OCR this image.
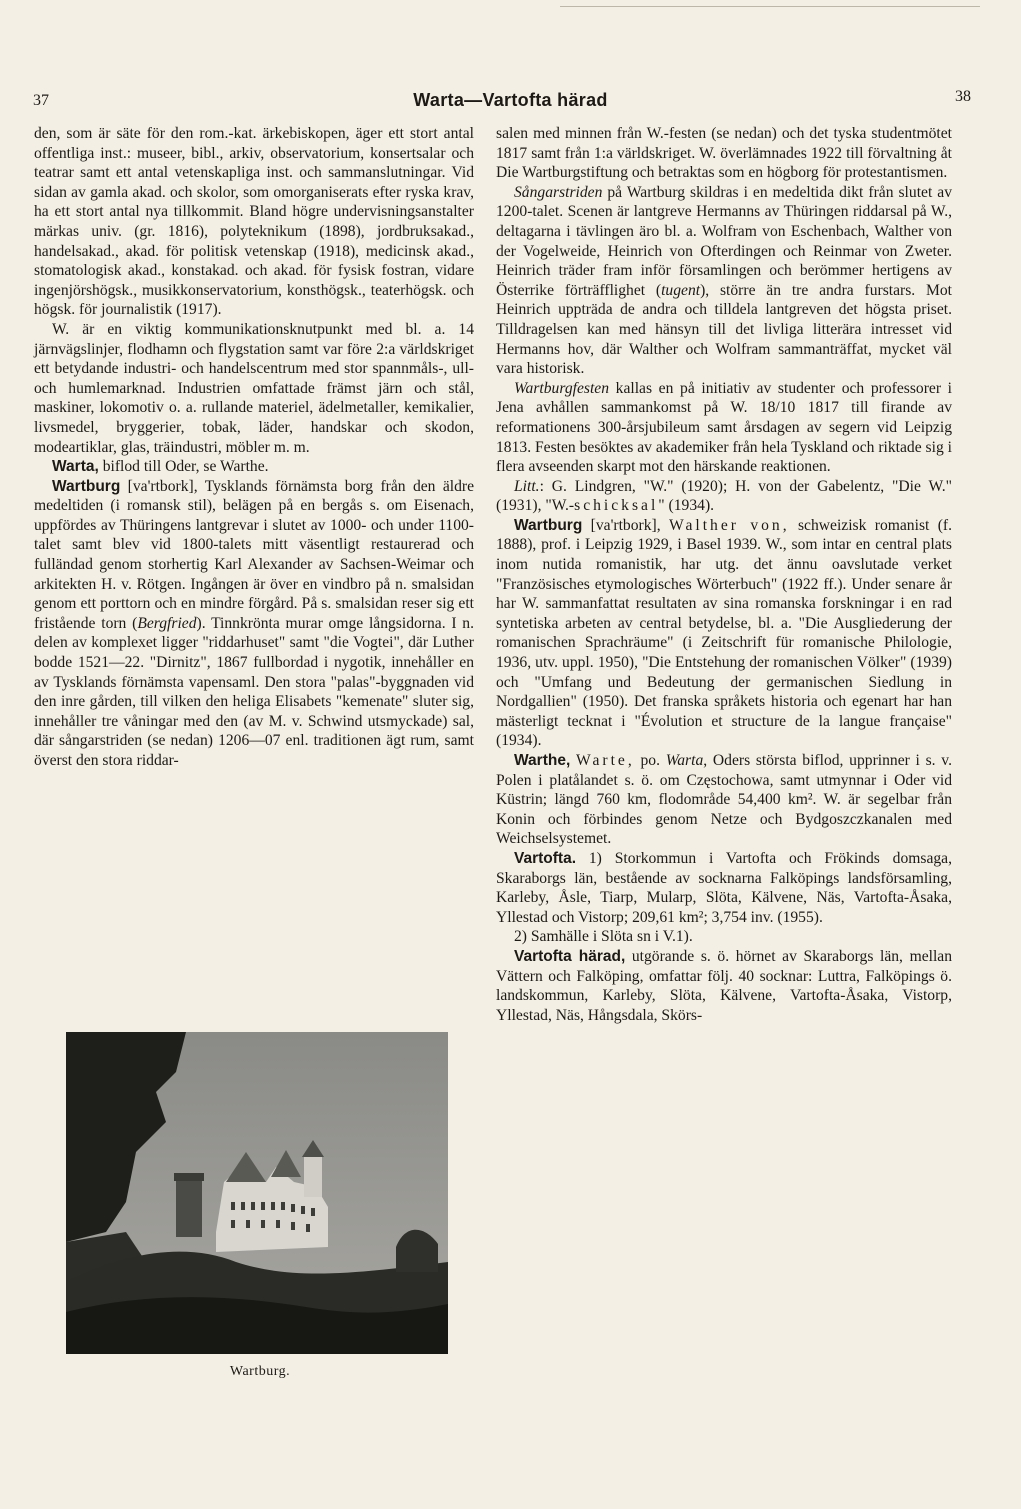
37	Warta—Vartofta härad	38

den, som är säte för den rom.-kat. ärkebiskopen, äger ett stort antal offentliga inst.: museer, bibl., arkiv, observatorium, konsertsalar och teatrar samt ett antal vetenskapliga inst. och sammanslutningar. Vid sidan av gamla akad. och skolor, som omorganiserats efter ryska krav, ha ett stort antal nya tillkommit. Bland högre undervisningsanstalter märkas univ. (gr. 1816), polyteknikum (1898), jordbruksakad., handelsakad., akad. för politisk vetenskap (1918), medicinsk akad., stomatologisk akad., konstakad. och akad. för fysisk fostran, vidare ingenjörshögsk., musikkonservatorium, konsthögsk., teaterhögsk. och högsk. för journalistik (1917).

W. är en viktig kommunikationsknutpunkt med bl. a. 14 järnvägslinjer, flodhamn och flygstation samt var före 2:a världskriget ett betydande industri- och handelscentrum med stor spannmåls-, ull- och humlemarknad. Industrien omfattade främst järn och stål, maskiner, lokomotiv o. a. rullande materiel, ädelmetaller, kemikalier, livsmedel, bryggerier, tobak, läder, handskar och skodon, modeartiklar, glas, träindustri, möbler m. m.

Warta, biflod till Oder, se Warthe.

Wartburg [va'rtbork], Tysklands förnämsta borg från den äldre medeltiden (i romansk stil), belägen på en bergås s. om Eisenach, uppfördes av Thüringens lantgrevar i slutet av 1000- och under 1100-talet samt blev vid 1800-talets mitt väsentligt restaurerad och fulländad genom storhertig Karl Alexander av Sachsen-Weimar och arkitekten H. v. Rötgen. Ingången är över en vindbro på n. smalsidan genom ett porttorn och en mindre förgård. På s. smalsidan reser sig ett fristående torn (Bergfried). Tinnkrönta murar omge långsidorna. I n. delen av komplexet ligger "riddarhuset" samt "die Vogtei", där Luther bodde 1521—22. "Dirnitz", 1867 fullbordad i nygotik, innehåller en av Tysklands förnämsta vapensaml. Den stora "palas"-byggnaden vid den inre gården, till vilken den heliga Elisabets "kemenate" sluter sig, innehåller tre våningar med den (av M. v. Schwind utsmyckade) sal, där sångarstriden (se nedan) 1206—07 enl. traditionen ägt rum, samt överst den stora riddar-

Wartburg.

salen med minnen från W.-festen (se nedan) och det tyska studentmötet 1817 samt från 1:a världskriget. W. överlämnades 1922 till förvaltning åt Die Wartburgstiftung och betraktas som en högborg för protestantismen.

Sångarstriden på Wartburg skildras i en medeltida dikt från slutet av 1200-talet. Scenen är lantgreve Hermanns av Thüringen riddarsal på W., deltagarna i tävlingen äro bl. a. Wolfram von Eschenbach, Walther von der Vogelweide, Heinrich von Ofterdingen och Reinmar von Zweter. Heinrich träder fram inför församlingen och berömmer hertigens av Österrike förträfflighet (tugent), större än tre andra furstars. Mot Heinrich uppträda de andra och tilldela lantgreven det högsta priset. Tilldragelsen kan med hänsyn till det livliga litterära intresset vid Hermanns hov, där Walther och Wolfram sammanträffat, mycket väl vara historisk.

Wartburgfesten kallas en på initiativ av studenter och professorer i Jena avhållen sammankomst på W. 18/10 1817 till firande av reformationens 300-årsjubileum samt årsdagen av segern vid Leipzig 1813. Festen besöktes av akademiker från hela Tyskland och riktade sig i flera avseenden skarpt mot den härskande reaktionen.

Litt.: G. Lindgren, "W." (1920); H. von der Gabelentz, "Die W." (1931), "W.-schicksal" (1934).

Wartburg [va'rtbork], Walther von, schweizisk romanist (f. 1888), prof. i Leipzig 1929, i Basel 1939. W., som intar en central plats inom nutida romanistik, har utg. det ännu oavslutade verket "Französisches etymologisches Wörterbuch" (1922 ff.). Under senare år har W. sammanfattat resultaten av sina romanska forskningar i en rad syntetiska arbeten av central betydelse, bl. a. "Die Ausgliederung der romanischen Sprachräume" (i Zeitschrift für romanische Philologie, 1936, utv. uppl. 1950), "Die Entstehung der romanischen Völker" (1939) och "Umfang und Bedeutung der germanischen Siedlung in Nordgallien" (1950). Det franska språkets historia och egenart har han mästerligt tecknat i "Évolution et structure de la langue française" (1934).

Warthe, Warte, po. Warta, Oders största biflod, upprinner i s. v. Polen i platålandet s. ö. om Częstochowa, samt utmynnar i Oder vid Küstrin; längd 760 km, flodområde 54,400 km². W. är segelbar från Konin och förbindes genom Netze och Bydgoszczkanalen med Weichselsystemet.

Vartofta. 1) Storkommun i Vartofta och Frökinds domsaga, Skaraborgs län, bestående av socknarna Falköpings landsförsamling, Karleby, Åsle, Tiarp, Mularp, Slöta, Kälvene, Näs, Vartofta-Åsaka, Yllestad och Vistorp; 209,61 km²; 3,754 inv. (1955).

2) Samhälle i Slöta sn i V.1).

Vartofta härad, utgörande s. ö. hörnet av Skaraborgs län, mellan Vättern och Falköping, omfattar följ. 40 socknar: Luttra, Falköpings ö. landskommun, Karleby, Slöta, Kälvene, Vartofta-Åsaka, Vistorp, Yllestad, Näs, Hångsdala, Skörs-
